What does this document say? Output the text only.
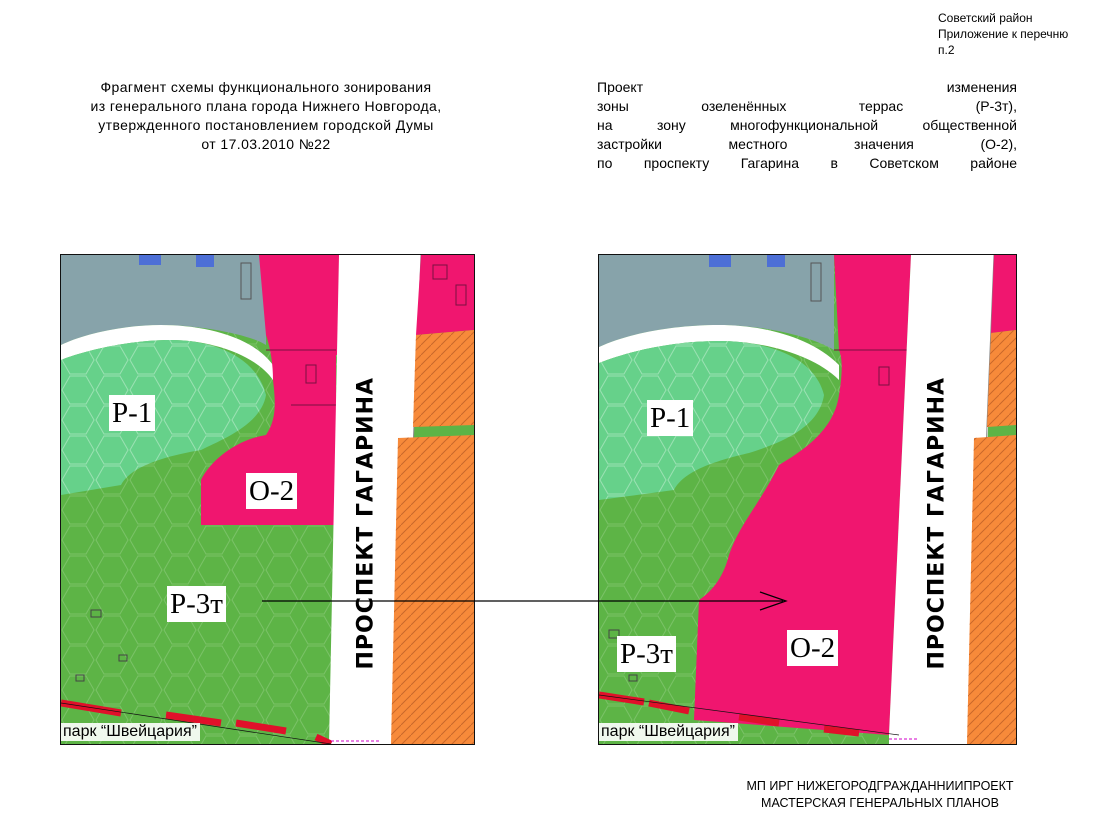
Советский район
Приложение к перечню
п.2
Фрагмент схемы функционального зонирования
из генерального плана города Нижнего Новгорода,
утвержденного постановлением городской Думы
от 17.03.2010 №22
Проект изменения
зоны озеленённых террас (Р-3т),
на зону многофункциональной общественной
застройки местного значения (О-2),
по проспекту Гагарина в Советском районе
Р-1
О-2
Р-3т	ПРОСПЕКТ ГАГАРИНА
парк “Швейцария”
Р-1
О-2
Р-3т	ПРОСПЕКТ ГАГАРИНА
парк “Швейцария”
МП ИРГ НИЖЕГОРОДГРАЖДАННИИПРОЕКТ
МАСТЕРСКАЯ ГЕНЕРАЛЬНЫХ ПЛАНОВ
